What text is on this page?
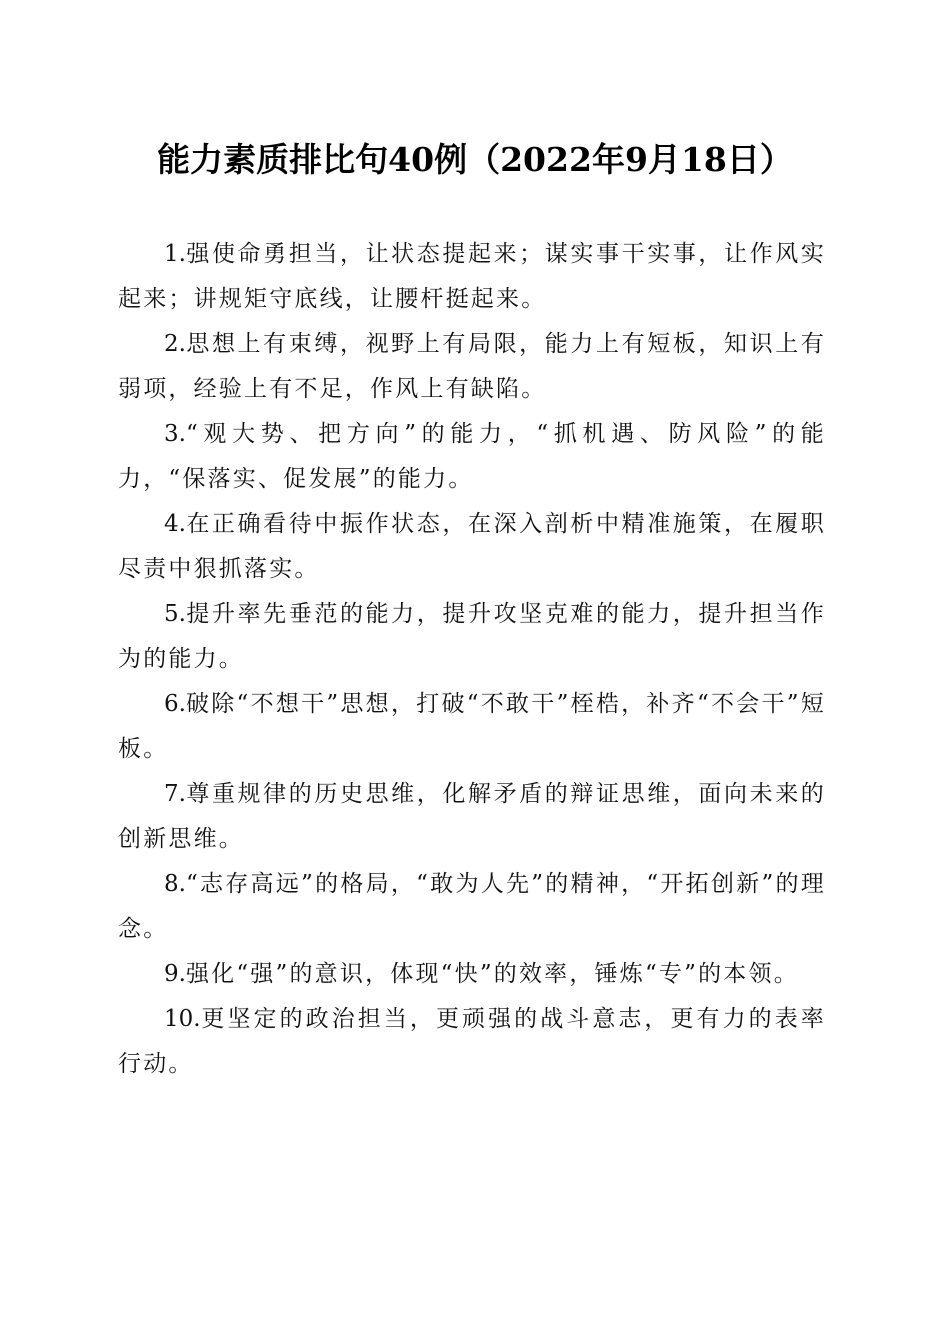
能力素质排比句40例（2022年9月18日）

1.强使命勇担当，让状态提起来；谋实事干实事，让作风实起来；讲规矩守底线，让腰杆挺起来。

2.思想上有束缚，视野上有局限，能力上有短板，知识上有弱项，经验上有不足，作风上有缺陷。

3.“观大势、把方向”的能力，“抓机遇、防风险”的能力，“保落实、促发展”的能力。

4.在正确看待中振作状态，在深入剖析中精准施策，在履职尽责中狠抓落实。

5.提升率先垂范的能力，提升攻坚克难的能力，提升担当作为的能力。

6.破除“不想干”思想，打破“不敢干”桎梏，补齐“不会干”短板。

7.尊重规律的历史思维，化解矛盾的辩证思维，面向未来的创新思维。

8.“志存高远”的格局，“敢为人先”的精神，“开拓创新”的理念。

9.强化“强”的意识，体现“快”的效率，锤炼“专”的本领。

10.更坚定的政治担当，更顽强的战斗意志，更有力的表率行动。
